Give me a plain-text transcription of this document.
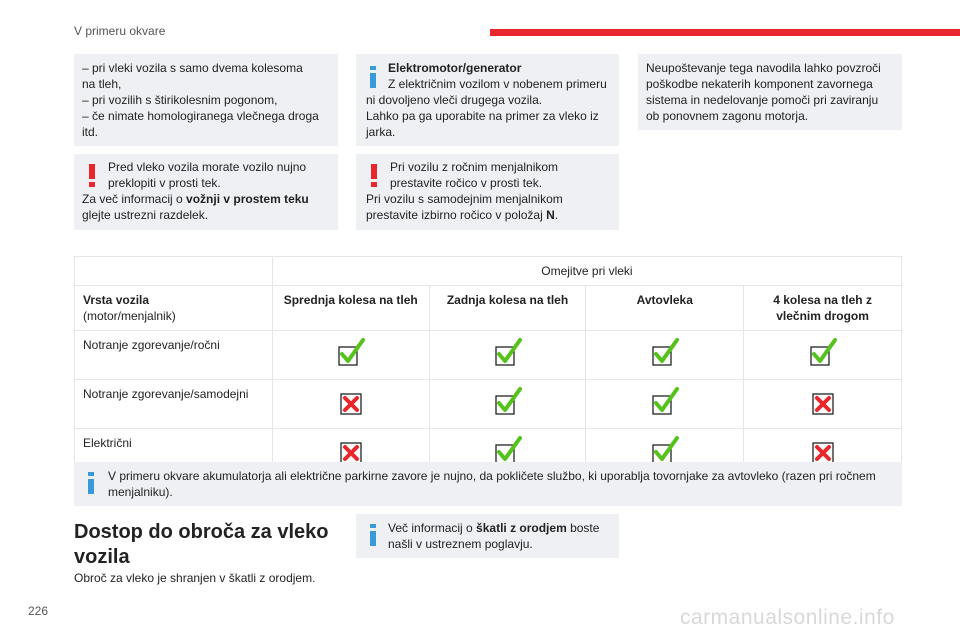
V primeru okvare
– pri vleki vozila s samo dvema kolesoma
na tleh,
– pri vozilih s štirikolesnim pogonom,
– če nimate homologiranega vlečnega droga
itd.
Elektromotor/generator
Z električnim vozilom v nobenem primeru
ni dovoljeno vleči drugega vozila.
Lahko pa ga uporabite na primer za vleko iz
jarka.
Neupoštevanje tega navodila lahko povzroči
poškodbe nekaterih komponent zavornega
sistema in nedelovanje pomoči pri zaviranju
ob ponovnem zagonu motorja.
Pred vleko vozila morate vozilo nujno
preklopiti v prosti tek.
Za več informacij o vožnji v prostem teku
glejte ustrezni razdelek.
Pri vozilu z ročnim menjalnikom
prestavite ročico v prosti tek.
Pri vozilu s samodejnim menjalnikom
prestavite izbirno ročico v položaj N.
	Omejitve pri vleki			
Vrsta vozila
(motor/menjalnik)	Sprednja kolesa na tleh	Zadnja kolesa na tleh	Avtovleka	4 kolesa na tleh z vlečnim drogom
Notranje zgorevanje/ročni				
Notranje zgorevanje/samodejni				
Električni				
V primeru okvare akumulatorja ali električne parkirne zavore je nujno, da pokličete službo, ki uporablja tovornjake za avtovleko (razen pri ročnem
menjalniku).
Dostop do obroča za vleko
vozila
Obroč za vleko je shranjen v škatli z orodjem.
Več informacij o škatli z orodjem boste
našli v ustreznem poglavju.
226	carmanualsonline.info
